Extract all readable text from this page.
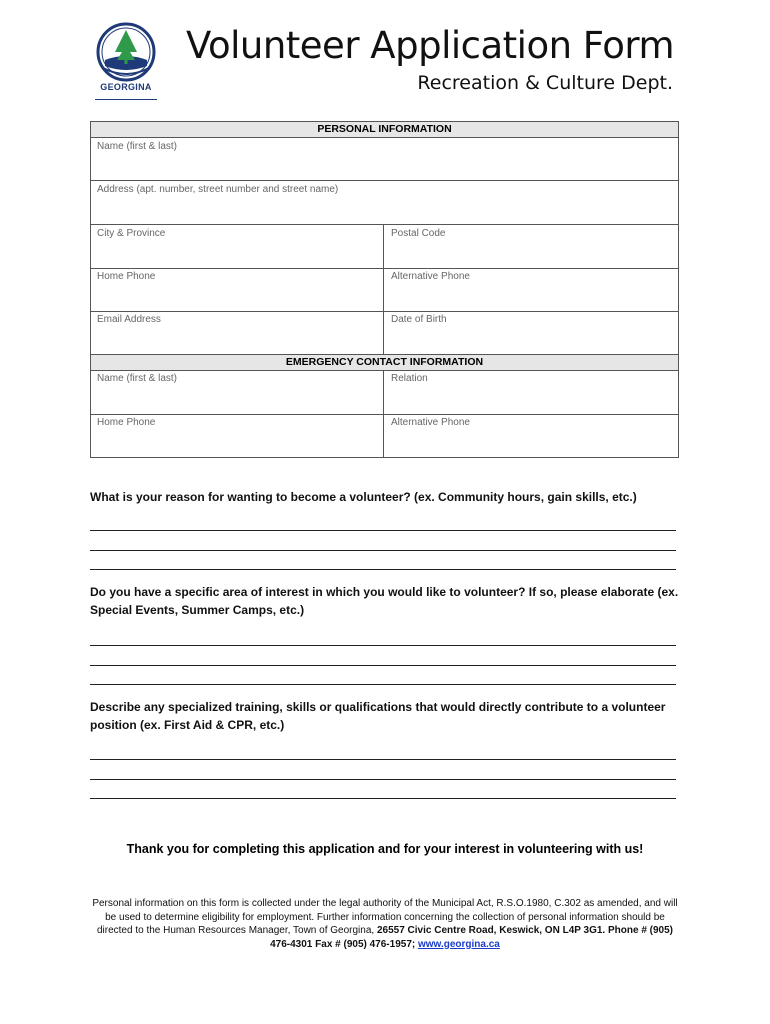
GEORGINA
Volunteer Application Form
Recreation & Culture Dept.
PERSONAL INFORMATION
Name (first & last)
Address (apt. number, street number and street name)
City & Province	Postal Code
Home Phone	Alternative Phone
Email Address	Date of Birth
EMERGENCY CONTACT INFORMATION
Name (first & last)	Relation
Home Phone	Alternative Phone
What is your reason for wanting to become a volunteer? (ex. Community hours, gain skills, etc.)
Do you have a specific area of interest in which you would like to volunteer? If so, please elaborate (ex. Special Events, Summer Camps, etc.)
Describe any specialized training, skills or qualifications that would directly contribute to a volunteer position (ex. First Aid & CPR, etc.)
Thank you for completing this application and for your interest in volunteering with us!
Personal information on this form is collected under the legal authority of the Municipal Act, R.S.O.1980, C.302 as amended, and will be used to determine eligibility for employment. Further information concerning the collection of personal information should be directed to the Human Resources Manager, Town of Georgina, 26557 Civic Centre Road, Keswick, ON L4P 3G1. Phone # (905) 476-4301 Fax # (905) 476-1957; www.georgina.ca
